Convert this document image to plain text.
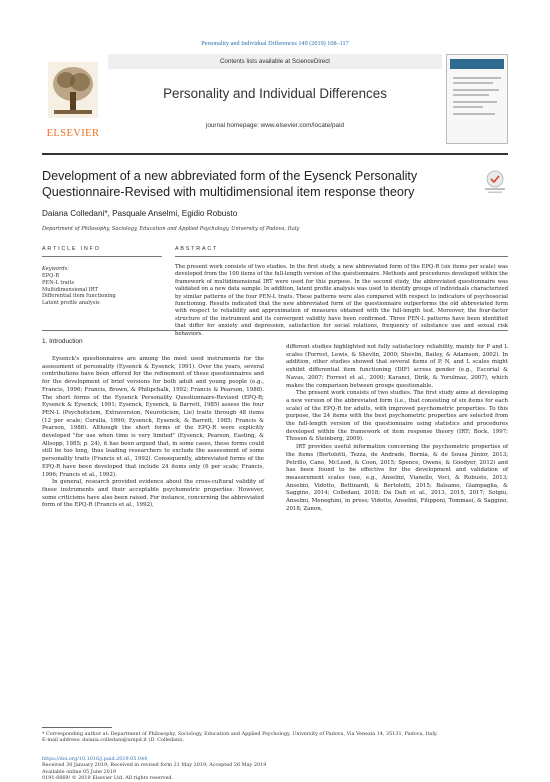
Personality and Individual Differences 149 (2019) 108–117
ELSEVIER
Contents lists available at ScienceDirect
Personality and Individual Differences
journal homepage: www.elsevier.com/locate/paid
Development of a new abbreviated form of the Eysenck Personality Questionnaire-Revised with multidimensional item response theory
Daiana Colledani*, Pasquale Anselmi, Egidio Robusto
Department of Philosophy, Sociology, Education and Applied Psychology, University of Padova, Italy
ARTICLE INFO	ABSTRACT
Keywords:
EPQ-R
PEN-L traits
Multidimensional IRT
Differential item functioning
Latent profile analysis
The present work consists of two studies. In the first study, a new abbreviated form of the EPQ-R (six items per scale) was developed from the 100 items of the full-length version of the questionnaire. Methods and procedures developed within the framework of multidimensional IRT were used for this purpose. In the second study, the abbreviated questionnaire was validated on a new data sample. In addition, latent profile analysis was used to identify groups of individuals characterized by similar patterns of the four PEN-L traits. These patterns were also compared with respect to indicators of psychosocial functioning. Results indicated that the new abbreviated form of the questionnaire outperforms the old abbreviated form with respect to reliability and approximation of measures obtained with the full-length test. Moreover, the four-factor structure of the instrument and its convergent validity have been confirmed. Three PEN-L patterns have been identified that differ for anxiety and depression, satisfaction for social relations, frequency of substance use and sexual risk behaviors.
1. Introduction

Eysenck's questionnaires are among the most used instruments for the assessment of personality (Eysenck & Eysenck, 1991). Over the years, several contributions have been offered for the refinement of these questionnaires and for the development of brief versions for both adult and young people (e.g., Francis, 1996; Francis, Brown, & Philipchalk, 1992; Francis & Pearson, 1988). The short forms of the Eysenck Personality Questionnaire-Revised (EPQ-R; Eysenck & Eysenck, 1991; Eysenck, Eysenck, & Barrett, 1985) assess the four PEN-L (Psychoticism, Extraversion, Neuroticism, Lie) traits through 48 items (12 per scale; Corulla, 1990; Eysenck, Eysenck, & Barrett, 1985; Francis & Pearson, 1988). Although the short forms of the EPQ-R were explicitly developed "for use when time is very limited" (Eysenck, Pearson, Easting, & Allsopp, 1985; p. 24), it has been argued that, in some cases, these forms could still be too long, thus leading researchers to exclude the assessment of some personality traits (Francis et al., 1992). Consequently, abbreviated forms of the EPQ-R have been developed that include 24 items only (6 per scale; Francis, 1996; Francis et al., 1992).

In general, research provided evidence about the cross-cultural validity of these instruments and their acceptable psychometric properties. However, some criticisms have also been raised. For instance, concerning the abbreviated form of the EPQ-R (Francis et al., 1992),

different studies highlighted not fully satisfactory reliability, mainly for P and L scales (Forrest, Lewis, & Shevlin, 2000; Shevlin, Bailey, & Adamson, 2002). In addition, other studies showed that several items of P, N, and L scales might exhibit differential item functioning (DIF) across gender (e.g., Escorial & Navas, 2007; Forrest et al., 2000; Karanci, Dirik, & Yorulmaz, 2007), which makes the comparison between groups questionable.

The present work consists of two studies. The first study aims at developing a new version of the abbreviated form (i.e., that consisting of six items for each scale) of the EPQ-R for adults, with improved psychometric properties. To this purpose, the 24 items with the best psychometric properties are selected from the full-length version of the questionnaire using statistics and procedures developed within the framework of item response theory (IRT; Bock, 1997; Thissen & Steinberg, 2009).

IRT provides useful information concerning the psychometric properties of the items (Bortolotti, Tezza, de Andrade, Bornia, & de Sousa Júnior, 2013; Petrillo, Cano, McLeod, & Coon, 2015; Spence, Owens, & Goodyer, 2012) and has been found to be effective for the development and validation of measurement scales (see, e.g., Anselmi, Vianello, Voci, & Robusto, 2013; Anselmi, Vidotto, Bettinardi, & Bertolotti, 2015; Balsamo, Giampaglia, & Saggino, 2014; Colledani, 2018; Da Dalt et al., 2013, 2015, 2017; Sotgiu, Anselmi, Meneghini, in press; Vidotto, Anselmi, Filipponi, Tommasi, & Saggino, 2018; Zanon,

* Corresponding author at: Department of Philosophy, Sociology, Education and Applied Psychology, University of Padova, Via Venezia 14, 35131, Padova, Italy.
E-mail address: daiana.colledani@unipd.it (D. Colledani).
https://doi.org/10.1016/j.paid.2019.05.044
Received 30 January 2019; Received in revised form 21 May 2019; Accepted 26 May 2019
Available online 05 June 2019
0191-8869/ © 2019 Elsevier Ltd. All rights reserved.
